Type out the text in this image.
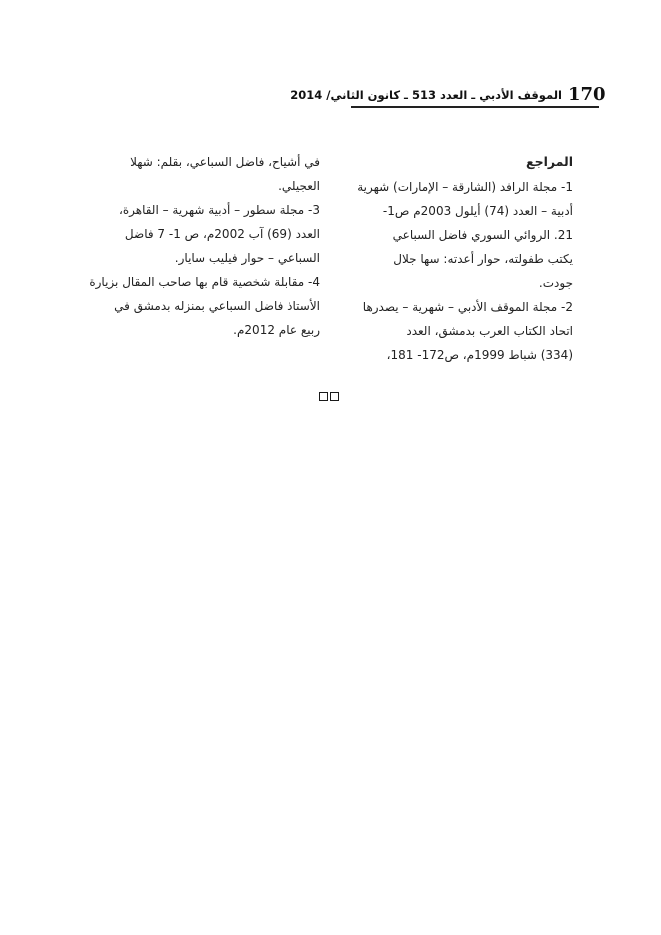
170
الموقف الأدبي ـ العدد 513 ـ كانون الثاني/ 2014
المراجع
1- مجلة الرافد (الشارقة – الإمارات) شهرية
أدبية – العدد (74) أيلول 2003م ص1-
21. الروائي السوري فاضل السباعي
يكتب طفولته، حوار أعدته: سها جلال
جودت.
2- مجلة الموقف الأدبي – شهرية – يصدرها
اتحاد الكتاب العرب بدمشق، العدد
(334) شباط 1999م، ص172- 181،
في أشياح، فاضل السباعي، بقلم: شهلا
العجيلي.
3- مجلة سطور – أدبية شهرية – القاهرة،
العدد (69) آب 2002م، ص 1- 7 فاضل
السباعي – حوار فيليب سايار.
4- مقابلة شخصية قام بها صاحب المقال بزيارة
الأستاذ فاضل السباعي بمنزله بدمشق في
ربيع عام 2012م.
